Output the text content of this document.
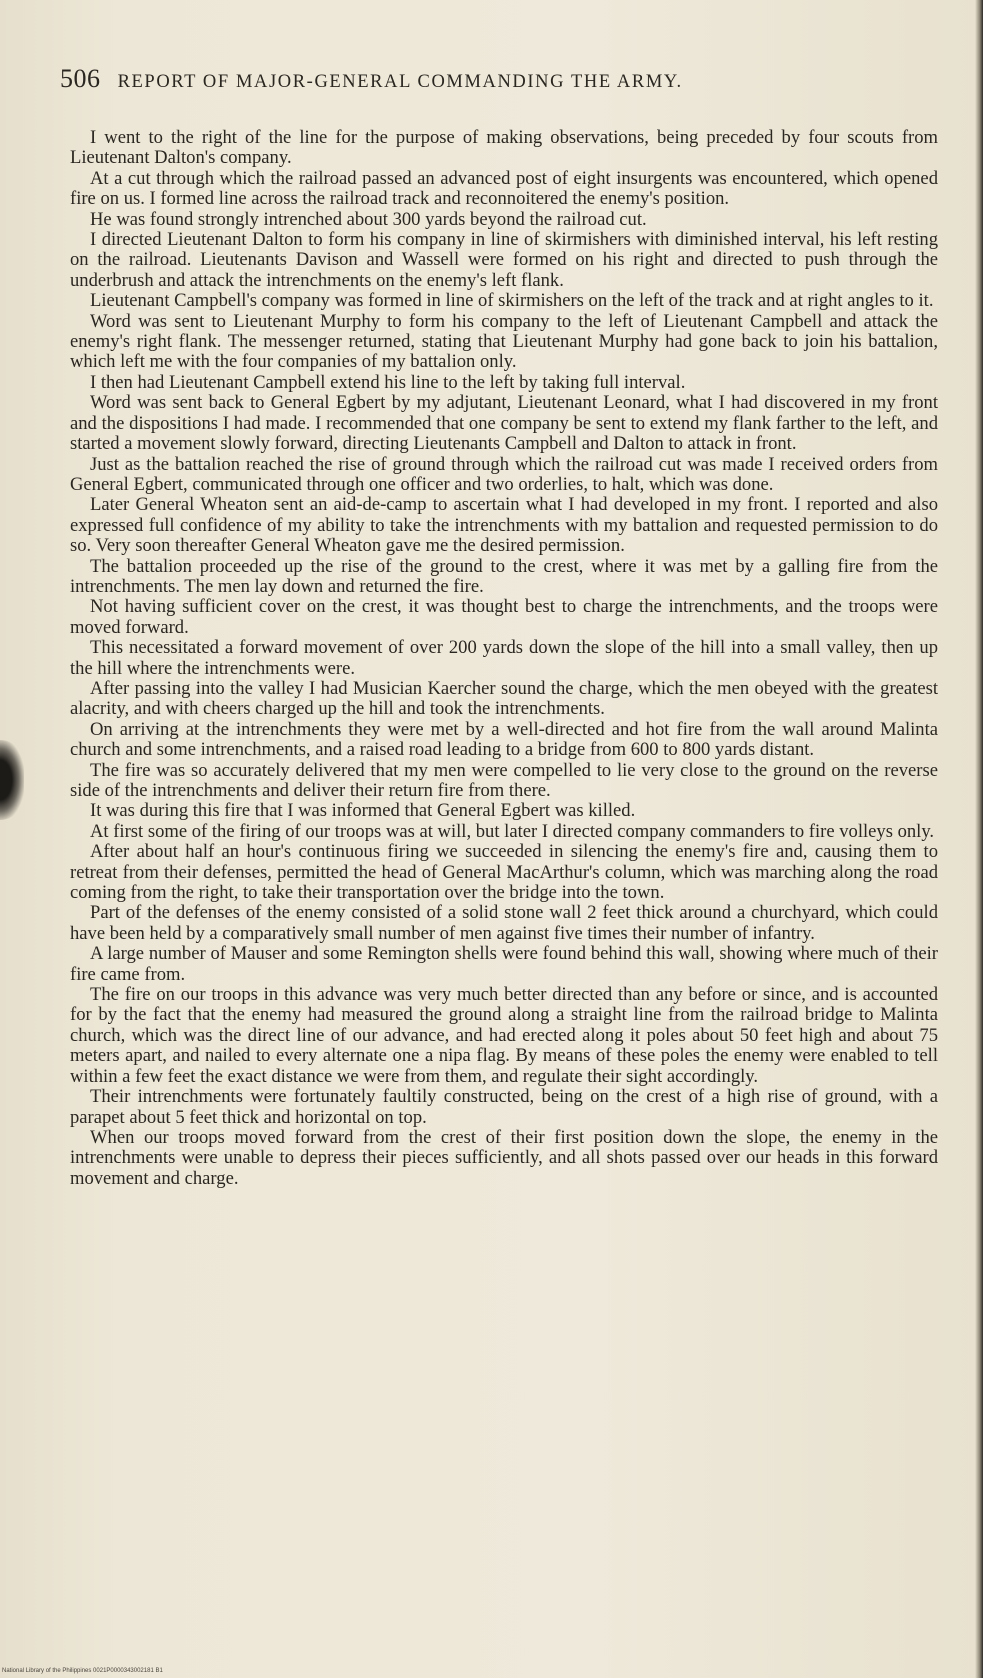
506 REPORT OF MAJOR-GENERAL COMMANDING THE ARMY.

I went to the right of the line for the purpose of making observations, being preceded by four scouts from Lieutenant Dalton's company.

At a cut through which the railroad passed an advanced post of eight insurgents was encountered, which opened fire on us. I formed line across the railroad track and reconnoitered the enemy's position.

He was found strongly intrenched about 300 yards beyond the railroad cut.

I directed Lieutenant Dalton to form his company in line of skirmishers with diminished interval, his left resting on the railroad. Lieutenants Davison and Wassell were formed on his right and directed to push through the underbrush and attack the intrenchments on the enemy's left flank.

Lieutenant Campbell's company was formed in line of skirmishers on the left of the track and at right angles to it.

Word was sent to Lieutenant Murphy to form his company to the left of Lieutenant Campbell and attack the enemy's right flank. The messenger returned, stating that Lieutenant Murphy had gone back to join his battalion, which left me with the four companies of my battalion only.

I then had Lieutenant Campbell extend his line to the left by taking full interval.

Word was sent back to General Egbert by my adjutant, Lieutenant Leonard, what I had discovered in my front and the dispositions I had made. I recommended that one company be sent to extend my flank farther to the left, and started a movement slowly forward, directing Lieutenants Campbell and Dalton to attack in front.

Just as the battalion reached the rise of ground through which the railroad cut was made I received orders from General Egbert, communicated through one officer and two orderlies, to halt, which was done.

Later General Wheaton sent an aid-de-camp to ascertain what I had developed in my front. I reported and also expressed full confidence of my ability to take the intrenchments with my battalion and requested permission to do so. Very soon thereafter General Wheaton gave me the desired permission.

The battalion proceeded up the rise of the ground to the crest, where it was met by a galling fire from the intrenchments. The men lay down and returned the fire.

Not having sufficient cover on the crest, it was thought best to charge the intrenchments, and the troops were moved forward.

This necessitated a forward movement of over 200 yards down the slope of the hill into a small valley, then up the hill where the intrenchments were.

After passing into the valley I had Musician Kaercher sound the charge, which the men obeyed with the greatest alacrity, and with cheers charged up the hill and took the intrenchments.

On arriving at the intrenchments they were met by a well-directed and hot fire from the wall around Malinta church and some intrenchments, and a raised road leading to a bridge from 600 to 800 yards distant.

The fire was so accurately delivered that my men were compelled to lie very close to the ground on the reverse side of the intrenchments and deliver their return fire from there.

It was during this fire that I was informed that General Egbert was killed.

At first some of the firing of our troops was at will, but later I directed company commanders to fire volleys only.

After about half an hour's continuous firing we succeeded in silencing the enemy's fire and, causing them to retreat from their defenses, permitted the head of General MacArthur's column, which was marching along the road coming from the right, to take their transportation over the bridge into the town.

Part of the defenses of the enemy consisted of a solid stone wall 2 feet thick around a churchyard, which could have been held by a comparatively small number of men against five times their number of infantry.

A large number of Mauser and some Remington shells were found behind this wall, showing where much of their fire came from.

The fire on our troops in this advance was very much better directed than any before or since, and is accounted for by the fact that the enemy had measured the ground along a straight line from the railroad bridge to Malinta church, which was the direct line of our advance, and had erected along it poles about 50 feet high and about 75 meters apart, and nailed to every alternate one a nipa flag. By means of these poles the enemy were enabled to tell within a few feet the exact distance we were from them, and regulate their sight accordingly.

Their intrenchments were fortunately faultily constructed, being on the crest of a high rise of ground, with a parapet about 5 feet thick and horizontal on top.

When our troops moved forward from the crest of their first position down the slope, the enemy in the intrenchments were unable to depress their pieces sufficiently, and all shots passed over our heads in this forward movement and charge.

National Library of the Philippines 0021P0000343002181 B1
